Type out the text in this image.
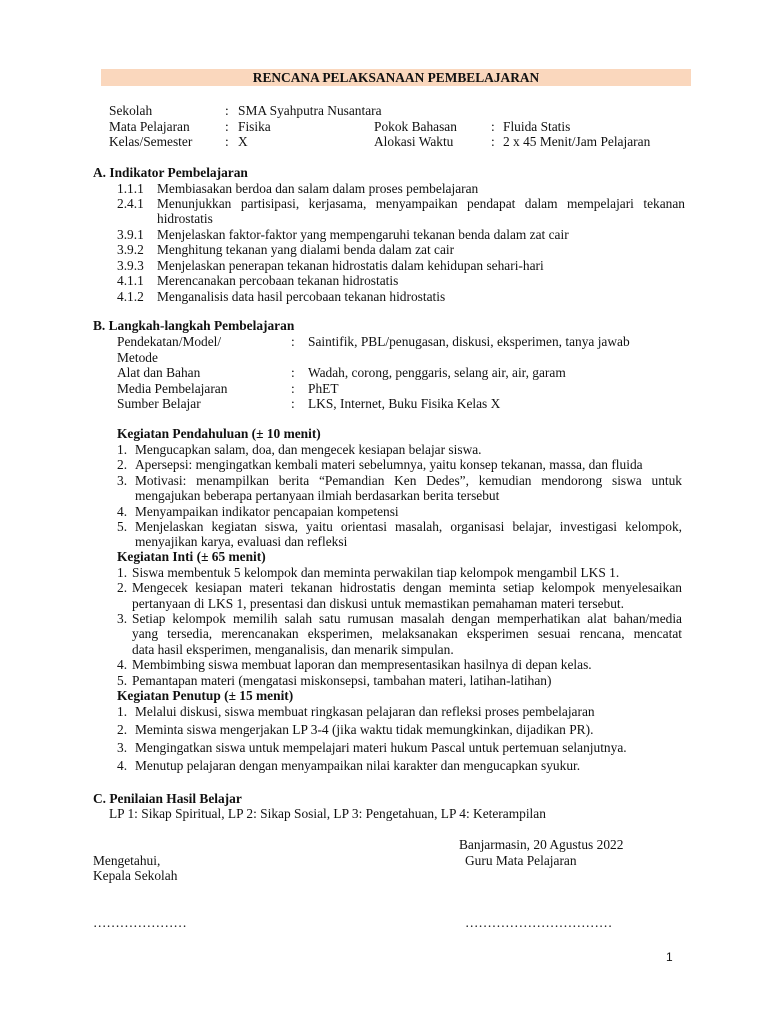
RENCANA PELAKSANAAN PEMBELAJARAN
Sekolah	: SMA Syahputra Nusantara
Mata Pelajaran	: Fisika	Pokok Bahasan	: Fluida Statis
Kelas/Semester : X	Alokasi Waktu	: 2 x 45 Menit/Jam Pelajaran
A. Indikator Pembelajaran
1.1.1 Membiasakan berdoa dan salam dalam proses pembelajaran
2.4.1 Menunjukkan partisipasi, kerjasama, menyampaikan pendapat dalam mempelajari tekanan
hidrostatis
3.9.1 Menjelaskan faktor-faktor yang mempengaruhi tekanan benda dalam zat cair
3.9.2 Menghitung tekanan yang dialami benda dalam zat cair
3.9.3 Menjelaskan penerapan tekanan hidrostatis dalam kehidupan sehari-hari
4.1.1 Merencanakan percobaan tekanan hidrostatis
4.1.2 Menganalisis data hasil percobaan tekanan hidrostatis
B. Langkah-langkah Pembelajaran
Pendekatan/Model/	: Saintifik, PBL/penugasan, diskusi, eksperimen, tanya jawab
Metode
Alat dan Bahan	: Wadah, corong, penggaris, selang air, air, garam
Media Pembelajaran	: PhET
Sumber Belajar	: LKS, Internet, Buku Fisika Kelas X
Kegiatan Pendahuluan (± 10 menit)
1. Mengucapkan salam, doa, dan mengecek kesiapan belajar siswa.
2. Apersepsi: mengingatkan kembali materi sebelumnya, yaitu konsep tekanan, massa, dan fluida
3. Motivasi: menampilkan berita “Pemandian Ken Dedes”, kemudian mendorong siswa untuk
mengajukan beberapa pertanyaan ilmiah berdasarkan berita tersebut
4. Menyampaikan indikator pencapaian kompetensi
5. Menjelaskan kegiatan siswa, yaitu orientasi masalah, organisasi belajar, investigasi kelompok,
menyajikan karya, evaluasi dan refleksi
Kegiatan Inti (± 65 menit)
1. Siswa membentuk 5 kelompok dan meminta perwakilan tiap kelompok mengambil LKS 1.
2. Mengecek kesiapan materi tekanan hidrostatis dengan meminta setiap kelompok menyelesaikan
pertanyaan di LKS 1, presentasi dan diskusi untuk memastikan pemahaman materi tersebut.
3. Setiap kelompok memilih salah satu rumusan masalah dengan memperhatikan alat bahan/media
yang tersedia, merencanakan eksperimen, melaksanakan eksperimen sesuai rencana, mencatat
data hasil eksperimen, menganalisis, dan menarik simpulan.
4. Membimbing siswa membuat laporan dan mempresentasikan hasilnya di depan kelas.
5. Pemantapan materi (mengatasi miskonsepsi, tambahan materi, latihan-latihan)
Kegiatan Penutup (± 15 menit)
1. Melalui diskusi, siswa membuat ringkasan pelajaran dan refleksi proses pembelajaran
2. Meminta siswa mengerjakan LP 3-4 (jika waktu tidak memungkinkan, dijadikan PR).
3. Mengingatkan siswa untuk mempelajari materi hukum Pascal untuk pertemuan selanjutnya.
4. Menutup pelajaran dengan menyampaikan nilai karakter dan mengucapkan syukur.
C. Penilaian Hasil Belajar
LP 1: Sikap Spiritual, LP 2: Sikap Sosial, LP 3: Pengetahuan, LP 4: Keterampilan
Banjarmasin, 20 Agustus 2022
Mengetahui,	Guru Mata Pelajaran
Kepala Sekolah
…………………	……………………………
1
